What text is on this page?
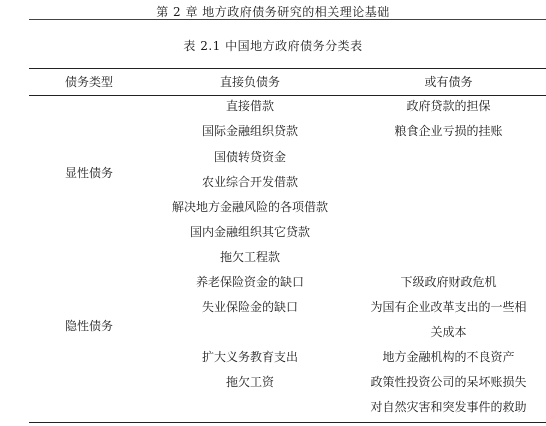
第 2 章 地方政府债务研究的相关理论基础
表 2.1 中国地方政府债务分类表
债务类型	直接负债务	或有债务
显性债务
隐性债务
直接借款
国际金融组织贷款
国债转贷资金
农业综合开发借款
解决地方金融风险的各项借款
国内金融组织其它贷款
拖欠工程款
养老保险资金的缺口
失业保险金的缺口
扩大义务教育支出
拖欠工资
政府贷款的担保
粮食企业亏损的挂账
下级政府财政危机
为国有企业改革支出的一些相
关成本
地方金融机构的不良资产
政策性投资公司的呆坏账损失
对自然灾害和突发事件的救助
